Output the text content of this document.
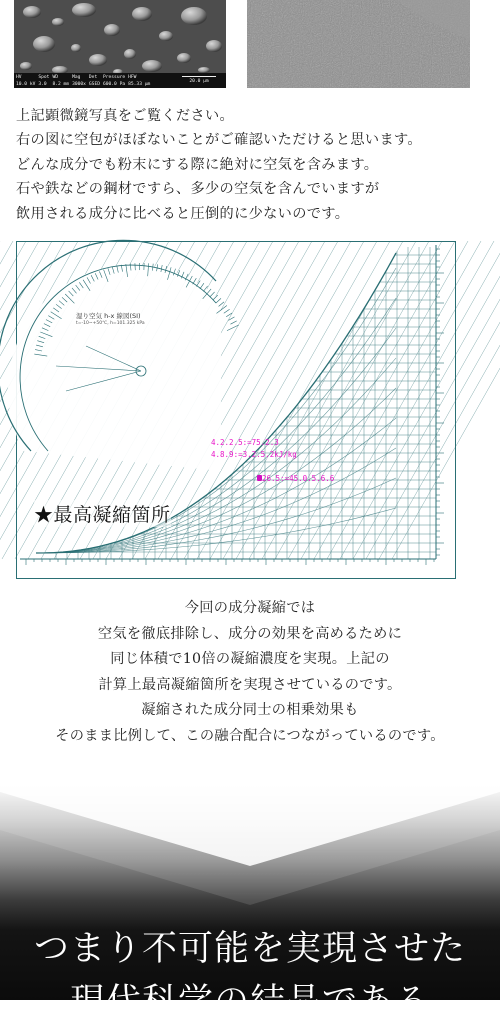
HV
10.0 kV
Spot
3.0
WD
8.2 mm
Mag
3000x
Det
GSED
Pressure
600.0 Pa
HFW
85.33 µm	20.0 µm

上記顕微鏡写真をご覧ください。

右の図に空包がほぼないことがご確認いただけると思います。

どんな成分でも粉末にする際に絶対に空気を含みます。

石や鉄などの鋼材ですら、多少の空気を含んでいますが

飲用される成分に比べると圧倒的に少ないのです。

湿り空気 h-x 線図(SI)
t=-10~+50℃, h=101.325 kPa
4.2.2.5:=75.2.3
4.8.9:=3.2.5.2kJ/kg
26.5:=45.0.5.6.6
★最高凝縮箇所

今回の成分凝縮では

空気を徹底排除し、成分の効果を高めるために

同じ体積で10倍の凝縮濃度を実現。上記の

計算上最高凝縮箇所を実現させているのです。

凝縮された成分同士の相乗効果も

そのまま比例して、この融合配合につながっているのです。

つまり不可能を実現させた
現代科学の結晶である
